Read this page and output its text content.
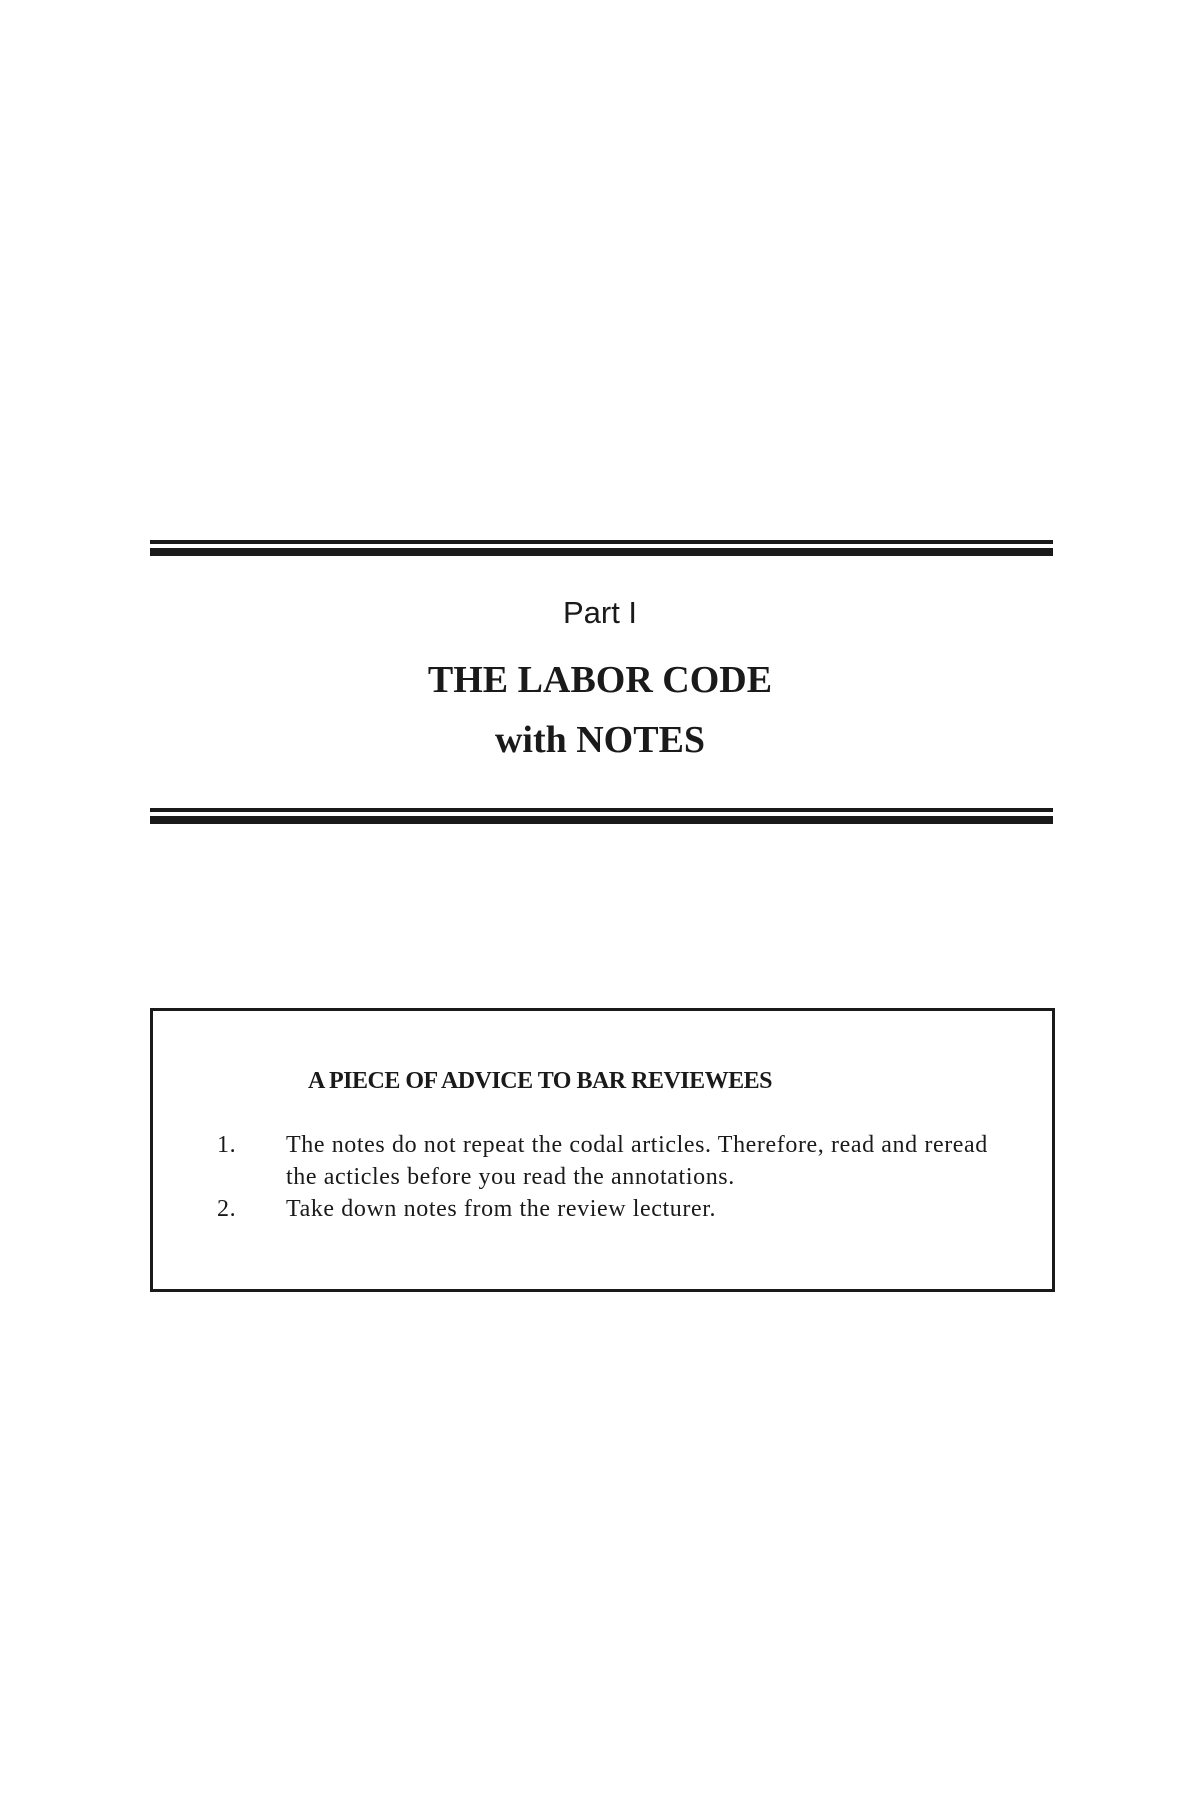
Part I
THE LABOR CODE
with NOTES
A PIECE OF ADVICE TO BAR REVIEWEES
1. The notes do not repeat the codal articles. Therefore, read and reread the acticles before you read the annotations.
2. Take down notes from the review lecturer.
